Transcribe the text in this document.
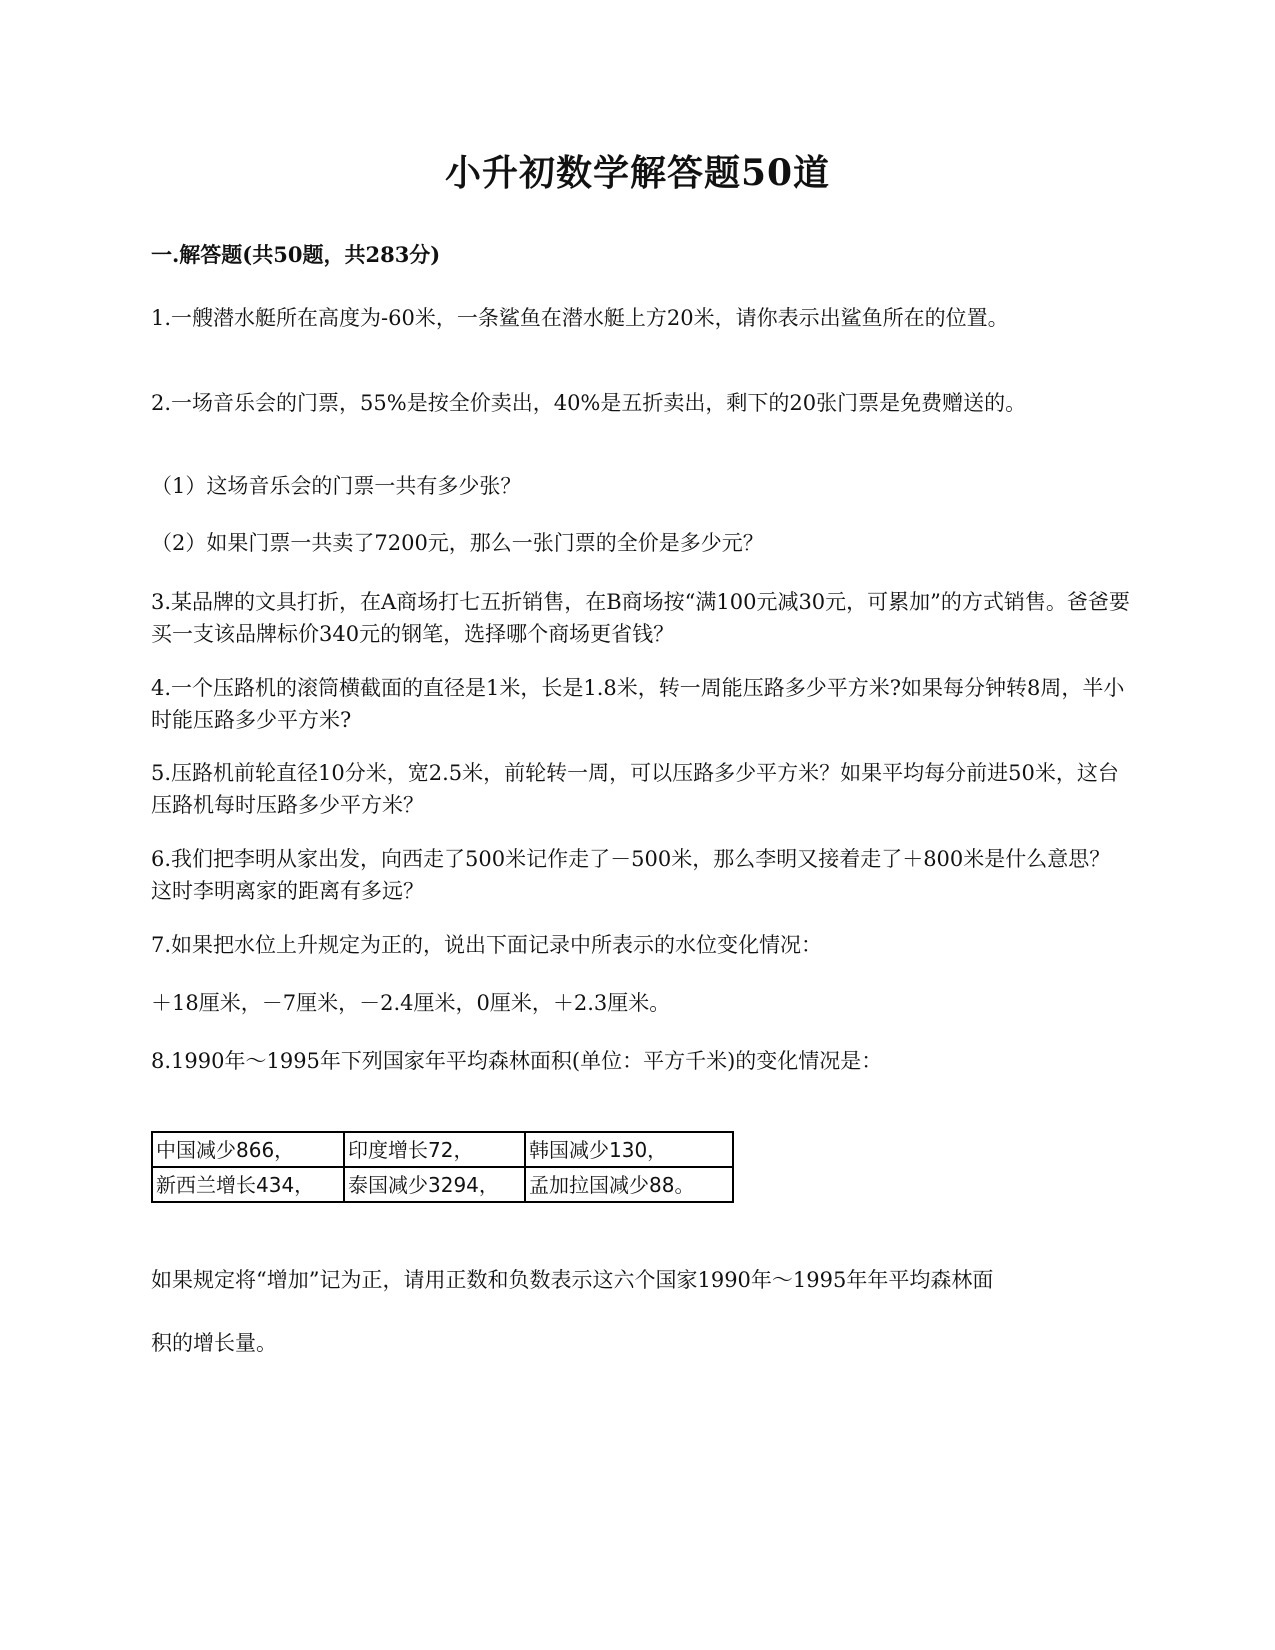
小升初数学解答题50道
一.解答题(共50题，共283分)

1.一艘潜水艇所在高度为-60米，一条鲨鱼在潜水艇上方20米，请你表示出鲨鱼所在的位置。

2.一场音乐会的门票，55%是按全价卖出，40%是五折卖出，剩下的20张门票是免费赠送的。

（1）这场音乐会的门票一共有多少张？

（2）如果门票一共卖了7200元，那么一张门票的全价是多少元？

3.某品牌的文具打折，在A商场打七五折销售，在B商场按“满100元减30元，可累加”的方式销售。爸爸要买一支该品牌标价340元的钢笔，选择哪个商场更省钱？

4.一个压路机的滚筒横截面的直径是1米，长是1.8米，转一周能压路多少平方米?如果每分钟转8周，半小时能压路多少平方米?

5.压路机前轮直径10分米，宽2.5米，前轮转一周，可以压路多少平方米？如果平均每分前进50米，这台压路机每时压路多少平方米？

6.我们把李明从家出发，向西走了500米记作走了－500米，那么李明又接着走了＋800米是什么意思？这时李明离家的距离有多远？

7.如果把水位上升规定为正的，说出下面记录中所表示的水位变化情况：

＋18厘米，－7厘米，－2.4厘米，0厘米，＋2.3厘米。

8.1990年～1995年下列国家年平均森林面积(单位：平方千米)的变化情况是：

中国减少866，	印度增长72，	韩国减少130，
新西兰增长434，	泰国减少3294，	孟加拉国减少88。

如果规定将“增加”记为正，请用正数和负数表示这六个国家1990年～1995年年平均森林面

积的增长量。
